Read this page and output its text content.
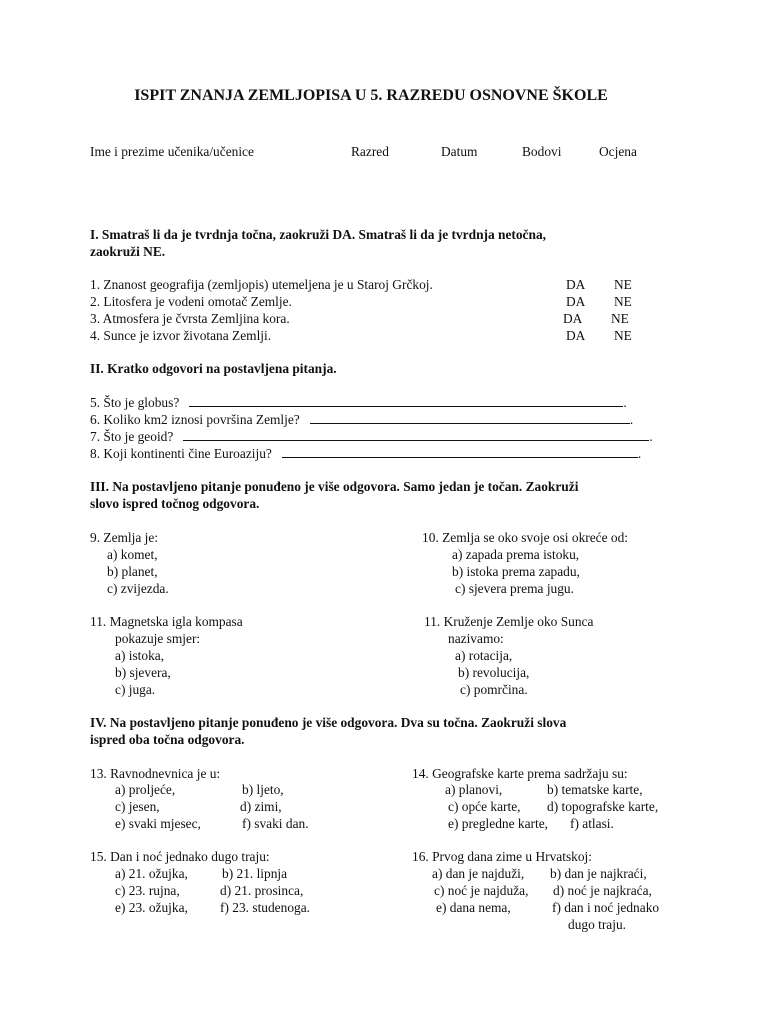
ISPIT ZNANJA ZEMLJOPISA U 5. RAZREDU OSNOVNE ŠKOLE
Ime i prezime učenika/učenice	Razred	Datum	Bodovi	Ocjena
I. Smatraš li da je tvrdnja točna, zaokruži DA. Smatraš li da je tvrdnja netočna,
zaokruži NE.
1. Znanost geografija (zemljopis) utemeljena je u Staroj Grčkoj.	DA NE
2. Litosfera je vodeni omotač Zemlje.	DA NE
3. Atmosfera je čvrsta Zemljina kora.	DA NE
4. Sunce je izvor životana Zemlji.	DA NE
II. Kratko odgovori na postavljena pitanja.
5. Što je globus?	.
6. Koliko km2 iznosi površina Zemlje?	.
7. Što je geoid?	.
8. Koji kontinenti čine Euroaziju?	.
III. Na postavljeno pitanje ponuđeno je više odgovora. Samo jedan je točan. Zaokruži
slovo ispred točnog odgovora.
9. Zemlja je:
a) komet,
b) planet,
c) zvijezda.
10. Zemlja se oko svoje osi okreće od:
a) zapada prema istoku,
b) istoka prema zapadu,
c) sjevera prema jugu.
11. Magnetska igla kompasa
pokazuje smjer:
a) istoka,
b) sjevera,
c) juga.
11. Kruženje Zemlje oko Sunca
nazivamo:
a) rotacija,
b) revolucija,
c) pomrčina.
IV. Na postavljeno pitanje ponuđeno je više odgovora. Dva su točna. Zaokruži slova
ispred oba točna odgovora.
13. Ravnodnevnica je u:
a) proljeće,	b) ljeto,
c) jesen,	d) zimi,
e) svaki mjesec,	f) svaki dan.
14. Geografske karte prema sadržaju su:
a) planovi,	b) tematske karte,
c) opće karte, d) topografske karte,
e) pregledne karte, f) atlasi.
15. Dan i noć jednako dugo traju:
a) 21. ožujka,	b) 21. lipnja
c) 23. rujna,	d) 21. prosinca,
e) 23. ožujka, f) 23. studenoga.
16. Prvog dana zime u Hrvatskoj:
a) dan je najduži, b) dan je najkraći,
c) noć je najduža, d) noć je najkraća,
e) dana nema,	f) dan i noć jednako
dugo traju.
